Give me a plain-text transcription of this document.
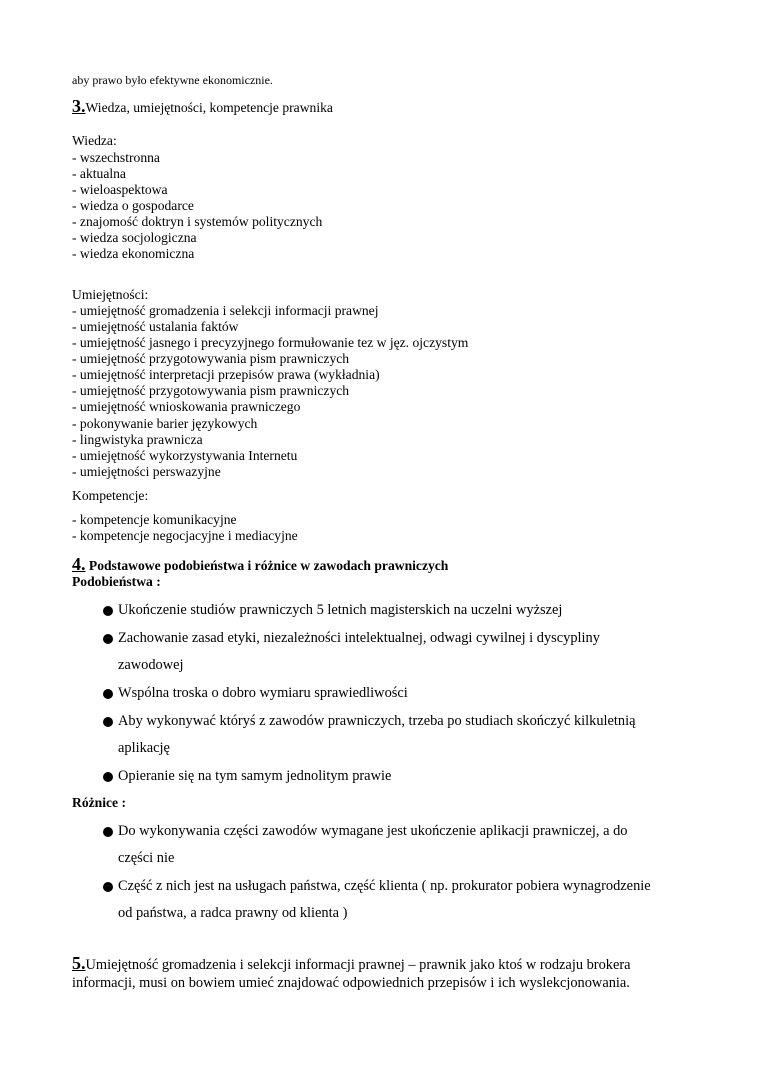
aby prawo było efektywne ekonomicznie.
3.Wiedza, umiejętności, kompetencje prawnika
Wiedza:
- wszechstronna
- aktualna
- wieloaspektowa
- wiedza o gospodarce
- znajomość doktryn i systemów politycznych
- wiedza socjologiczna
- wiedza ekonomiczna
Umiejętności:
- umiejętność gromadzenia i selekcji informacji prawnej
- umiejętność ustalania faktów
- umiejętność jasnego i precyzyjnego formułowanie tez w jęz. ojczystym
- umiejętność przygotowywania pism prawniczych
- umiejętność interpretacji przepisów prawa (wykładnia)
- umiejętność przygotowywania pism prawniczych
- umiejętność wnioskowania prawniczego
- pokonywanie barier językowych
- lingwistyka prawnicza
- umiejętność wykorzystywania Internetu
- umiejętności perswazyjne
Kompetencje:
- kompetencje komunikacyjne
- kompetencje negocjacyjne i mediacyjne
4. Podstawowe podobieństwa i różnice w zawodach prawniczych
Podobieństwa :
Ukończenie studiów prawniczych 5 letnich magisterskich na uczelni wyższej
Zachowanie zasad etyki, niezależności intelektualnej, odwagi cywilnej i dyscypliny
zawodowej
Wspólna troska o dobro wymiaru sprawiedliwości
Aby wykonywać któryś z zawodów prawniczych, trzeba po studiach skończyć kilkuletnią
aplikację
Opieranie się na tym samym jednolitym prawie
Różnice :
Do wykonywania części zawodów wymagane jest ukończenie aplikacji prawniczej, a do
części nie
Część z nich jest na usługach państwa, część klienta ( np. prokurator pobiera wynagrodzenie
od państwa, a radca prawny od klienta )
5.Umiejętność gromadzenia i selekcji informacji prawnej – prawnik jako ktoś w rodzaju brokera
informacji, musi on bowiem umieć znajdować odpowiednich przepisów i ich wyslekcjonowania.
